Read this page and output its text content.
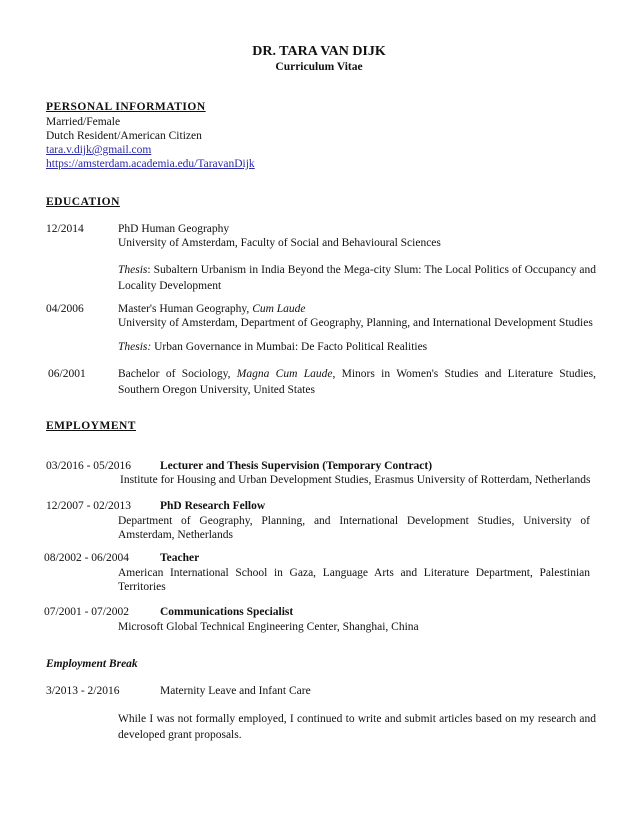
DR. TARA VAN DIJK
Curriculum Vitae
PERSONAL INFORMATION
Married/Female
Dutch Resident/American Citizen
tara.v.dijk@gmail.com
https://amsterdam.academia.edu/TaravanDijk
EDUCATION
12/2014	PhD Human Geography
University of Amsterdam, Faculty of Social and Behavioural Sciences
Thesis: Subaltern Urbanism in India Beyond the Mega-city Slum: The Local Politics of Occupancy and Locality Development
04/2006	Master's Human Geography, Cum Laude
University of Amsterdam, Department of Geography, Planning, and International Development Studies
Thesis: Urban Governance in Mumbai: De Facto Political Realities
06/2001	Bachelor of Sociology, Magna Cum Laude, Minors in Women's Studies and Literature Studies, Southern Oregon University, United States
EMPLOYMENT
03/2016 - 05/2016	Lecturer and Thesis Supervision (Temporary Contract)
Institute for Housing and Urban Development Studies, Erasmus University of Rotterdam, Netherlands
12/2007 - 02/2013	PhD Research Fellow
Department of Geography, Planning, and International Development Studies, University of Amsterdam, Netherlands
08/2002 - 06/2004	Teacher
American International School in Gaza, Language Arts and Literature Department, Palestinian Territories
07/2001 - 07/2002	Communications Specialist
Microsoft Global Technical Engineering Center, Shanghai, China
Employment Break
3/2013 - 2/2016	Maternity Leave and Infant Care
While I was not formally employed, I continued to write and submit articles based on my research and developed grant proposals.
